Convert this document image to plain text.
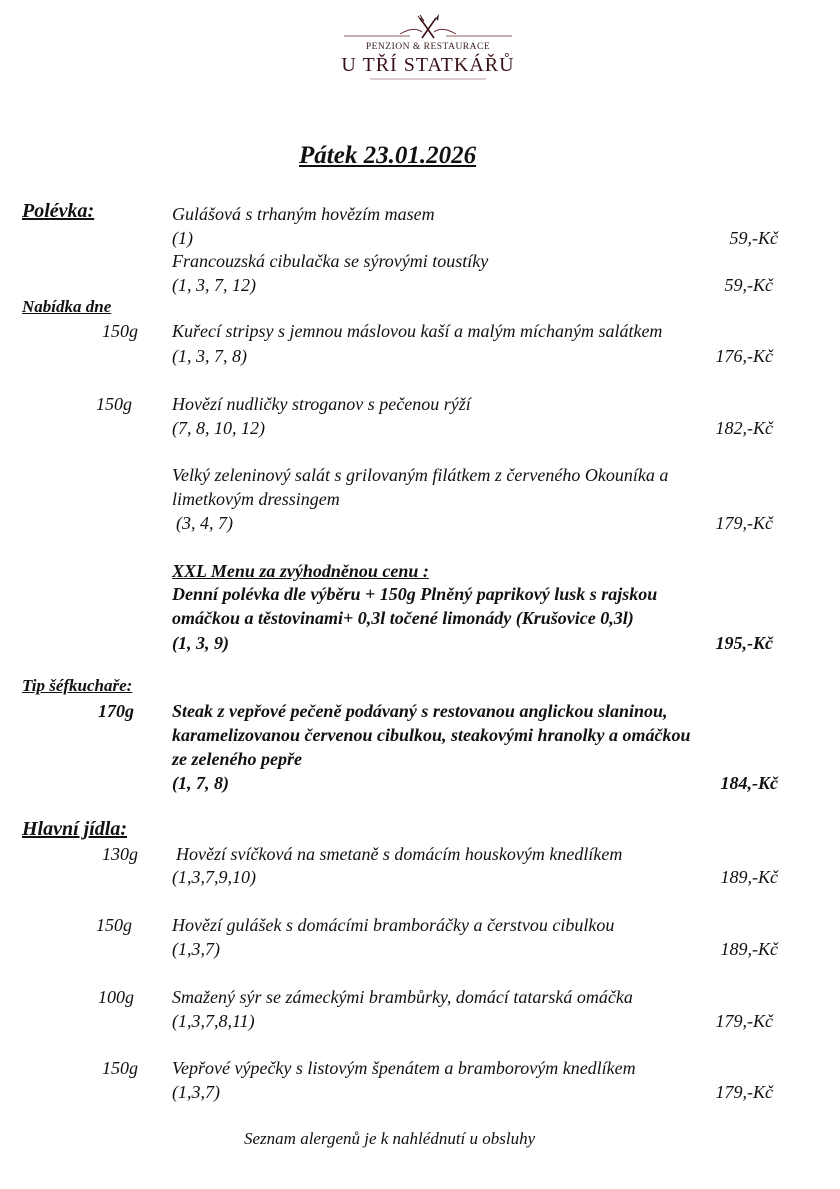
PENZION & RESTAURACE
U TŘÍ STATKÁŘŮ
Pátek 23.01.2026
Polévka:	Gulášová s trhaným hovězím masem
(1)	59,-Kč
Francouzská cibulačka se sýrovými toustíky
(1, 3, 7, 12)	59,-Kč
Nabídka dne
150g Kuřecí stripsy s jemnou máslovou kaší a malým míchaným salátkem
(1, 3, 7, 8)	176,-Kč
150g Hovězí nudličky stroganov s pečenou rýží
(7, 8, 10, 12)	182,-Kč
Velký zeleninový salát s grilovaným filátkem z červeného Okouníka a
limetkovým dressingem
(3, 4, 7)	179,-Kč
XXL Menu za zvýhodněnou cenu :
Denní polévka dle výběru + 150g Plněný paprikový lusk s rajskou
omáčkou a těstovinami+ 0,3l točené limonády (Krušovice 0,3l)
(1, 3, 9)	195,-Kč
Tip šéfkuchaře:
170g Steak z vepřové pečeně podávaný s restovanou anglickou slaninou,
karamelizovanou červenou cibulkou, steakovými hranolky a omáčkou
ze zeleného pepře
(1, 7, 8)	184,-Kč
Hlavní jídla:
130g Hovězí svíčková na smetaně s domácím houskovým knedlíkem
(1,3,7,9,10)	189,-Kč
150g Hovězí gulášek s domácími bramboráčky a čerstvou cibulkou
(1,3,7)	189,-Kč
100g Smažený sýr se zámeckými brambůrky, domácí tatarská omáčka
(1,3,7,8,11)	179,-Kč
150g Vepřové výpečky s listovým špenátem a bramborovým knedlíkem
(1,3,7)	179,-Kč
Seznam alergenů je k nahlédnutí u obsluhy
